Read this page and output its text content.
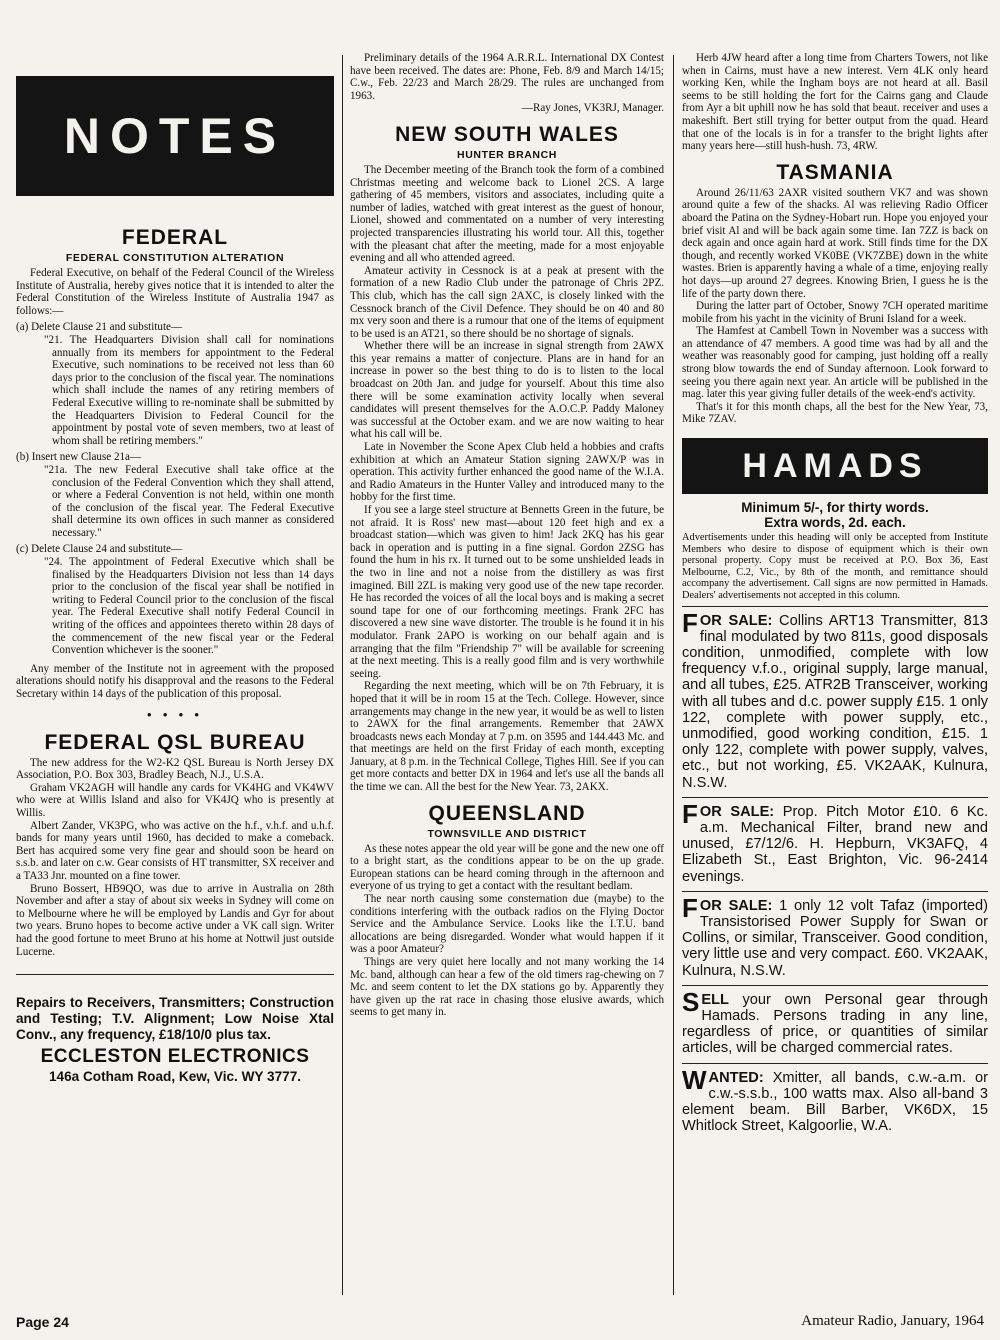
NOTES
FEDERAL
FEDERAL CONSTITUTION ALTERATION

Federal Executive, on behalf of the Federal Council of the Wireless Institute of Australia, hereby gives notice that it is intended to alter the Federal Constitution of the Wireless Institute of Australia 1947 as follows:—

(a) Delete Clause 21 and substitute—

"21. The Headquarters Division shall call for nominations annually from its members for appointment to the Federal Executive, such nominations to be received not less than 60 days prior to the conclusion of the fiscal year. The nominations which shall include the names of any retiring members of Federal Executive willing to re-nominate shall be submitted by the Headquarters Division to Federal Council for the appointment by postal vote of seven members, two at least of whom shall be retiring members."

(b) Insert new Clause 21a—

"21a. The new Federal Executive shall take office at the conclusion of the Federal Convention which they shall attend, or where a Federal Convention is not held, within one month of the conclusion of the fiscal year. The Federal Executive shall determine its own offices in such manner as considered necessary."

(c) Delete Clause 24 and substitute—

"24. The appointment of Federal Executive which shall be finalised by the Headquarters Division not less than 14 days prior to the conclusion of the fiscal year shall be notified in writing to Federal Council prior to the conclusion of the fiscal year. The Federal Executive shall notify Federal Council in writing of the offices and appointees thereto within 28 days of the commencement of the new fiscal year or the Federal Convention whichever is the sooner."

Any member of the Institute not in agreement with the proposed alterations should notify his disapproval and the reasons to the Federal Secretary within 14 days of the publication of this proposal.

• • • •
FEDERAL QSL BUREAU

The new address for the W2-K2 QSL Bureau is North Jersey DX Association, P.O. Box 303, Bradley Beach, N.J., U.S.A.

Graham VK2AGH will handle any cards for VK4HG and VK4WV who were at Willis Island and also for VK4JQ who is presently at Willis.

Albert Zander, VK3PG, who was active on the h.f., v.h.f. and u.h.f. bands for many years until 1960, has decided to make a comeback. Bert has acquired some very fine gear and should soon be heard on s.s.b. and later on c.w. Gear consists of HT transmitter, SX receiver and a TA33 Jnr. mounted on a fine tower.

Bruno Bossert, HB9QO, was due to arrive in Australia on 28th November and after a stay of about six weeks in Sydney will come on to Melbourne where he will be employed by Landis and Gyr for about two years. Bruno hopes to become active under a VK call sign. Writer had the good fortune to meet Bruno at his home at Nottwil just outside Lucerne.

Repairs to Receivers, Transmitters; Construction and Testing; T.V. Alignment; Low Noise Xtal Conv., any frequency, £18/10/0 plus tax.
ECCLESTON ELECTRONICS
146a Cotham Road, Kew, Vic. WY 3777.

Preliminary details of the 1964 A.R.R.L. International DX Contest have been received. The dates are: Phone, Feb. 8/9 and March 14/15; C.w., Feb. 22/23 and March 28/29. The rules are unchanged from 1963.

—Ray Jones, VK3RJ, Manager.

NEW SOUTH WALES
HUNTER BRANCH

The December meeting of the Branch took the form of a combined Christmas meeting and welcome back to Lionel 2CS. A large gathering of 45 members, visitors and associates, including quite a number of ladies, watched with great interest as the guest of honour, Lionel, showed and commentated on a number of very interesting projected transparencies illustrating his world tour. All this, together with the pleasant chat after the meeting, made for a most enjoyable evening and all who attended agreed.

Amateur activity in Cessnock is at a peak at present with the formation of a new Radio Club under the patronage of Chris 2PZ. This club, which has the call sign 2AXC, is closely linked with the Cessnock branch of the Civil Defence. They should be on 40 and 80 mx very soon and there is a rumour that one of the items of equipment to be used is an AT21, so there should be no shortage of signals.

Whether there will be an increase in signal strength from 2AWX this year remains a matter of conjecture. Plans are in hand for an increase in power so the best thing to do is to listen to the local broadcast on 20th Jan. and judge for yourself. About this time also there will be some examination activity locally when several candidates will present themselves for the A.O.C.P. Paddy Maloney was successful at the October exam. and we are now waiting to hear what his call will be.

Late in November the Scone Apex Club held a hobbies and crafts exhibition at which an Amateur Station signing 2AWX/P was in operation. This activity further enhanced the good name of the W.I.A. and Radio Amateurs in the Hunter Valley and introduced many to the hobby for the first time.

If you see a large steel structure at Bennetts Green in the future, be not afraid. It is Ross' new mast—about 120 feet high and ex a broadcast station—which was given to him! Jack 2KQ has his gear back in operation and is putting in a fine signal. Gordon 2ZSG has found the hum in his rx. It turned out to be some unshielded leads in the two in line and not a noise from the distillery as was first imagined. Bill 2ZL is making very good use of the new tape recorder. He has recorded the voices of all the local boys and is making a secret sound tape for one of our forthcoming meetings. Frank 2FC has discovered a new sine wave distorter. The trouble is he found it in his modulator. Frank 2APO is working on our behalf again and is arranging that the film "Friendship 7" will be available for screening at the next meeting. This is a really good film and is very worthwhile seeing.

Regarding the next meeting, which will be on 7th February, it is hoped that it will be in room 15 at the Tech. College. However, since arrangements may change in the new year, it would be as well to listen to 2AWX for the final arrangements. Remember that 2AWX broadcasts news each Monday at 7 p.m. on 3595 and 144.443 Mc. and that meetings are held on the first Friday of each month, excepting January, at 8 p.m. in the Technical College, Tighes Hill. See if you can get more contacts and better DX in 1964 and let's use all the bands all the time we can. All the best for the New Year. 73, 2AKX.

QUEENSLAND
TOWNSVILLE AND DISTRICT

As these notes appear the old year will be gone and the new one off to a bright start, as the conditions appear to be on the up grade. European stations can be heard coming through in the afternoon and everyone of us trying to get a contact with the resultant bedlam.

The near north causing some consternation due (maybe) to the conditions interfering with the outback radios on the Flying Doctor Service and the Ambulance Service. Looks like the I.T.U. band allocations are being disregarded. Wonder what would happen if it was a poor Amateur?

Things are very quiet here locally and not many working the 14 Mc. band, although can hear a few of the old timers rag-chewing on 7 Mc. and seem content to let the DX stations go by. Apparently they have given up the rat race in chasing those elusive awards, which seems to get many in.

Herb 4JW heard after a long time from Charters Towers, not like when in Cairns, must have a new interest. Vern 4LK only heard working Ken, while the Ingham boys are not heard at all. Basil seems to be still holding the fort for the Cairns gang and Claude from Ayr a bit uphill now he has sold that beaut. receiver and uses a makeshift. Bert still trying for better output from the quad. Heard that one of the locals is in for a transfer to the bright lights after many years here—still hush-hush. 73, 4RW.

TASMANIA

Around 26/11/63 2AXR visited southern VK7 and was shown around quite a few of the shacks. Al was relieving Radio Officer aboard the Patina on the Sydney-Hobart run. Hope you enjoyed your brief visit Al and will be back again some time. Ian 7ZZ is back on deck again and once again hard at work. Still finds time for the DX though, and recently worked VK0BE (VK7ZBE) down in the white wastes. Brien is apparently having a whale of a time, enjoying really hot days—up around 27 degrees. Knowing Brien, I guess he is the life of the party down there.

During the latter part of October, Snowy 7CH operated maritime mobile from his yacht in the vicinity of Bruni Island for a week.

The Hamfest at Cambell Town in November was a success with an attendance of 47 members. A good time was had by all and the weather was reasonably good for camping, just holding off a really strong blow towards the end of Sunday afternoon. Look forward to seeing you there again next year. An article will be published in the mag. later this year giving fuller details of the week-end's activity.

That's it for this month chaps, all the best for the New Year, 73, Mike 7ZAV.

HAMADS
Minimum 5/-, for thirty words.
Extra words, 2d. each.
Advertisements under this heading will only be accepted from Institute Members who desire to dispose of equipment which is their own personal property. Copy must be received at P.O. Box 36, East Melbourne, C.2, Vic., by 8th of the month, and remittance should accompany the advertisement. Call signs are now permitted in Hamads. Dealers' advertisements not accepted in this column.
FOR SALE: Collins ART13 Transmitter, 813 final modulated by two 811s, good disposals condition, unmodified, complete with low frequency v.f.o., original supply, large manual, and all tubes, £25. ATR2B Transceiver, working with all tubes and d.c. power supply £15. 1 only 122, complete with power supply, etc., unmodified, good working condition, £15. 1 only 122, complete with power supply, valves, etc., but not working, £5. VK2AAK, Kulnura, N.S.W.
FOR SALE: Prop. Pitch Motor £10. 6 Kc. a.m. Mechanical Filter, brand new and unused, £7/12/6. H. Hepburn, VK3AFQ, 4 Elizabeth St., East Brighton, Vic. 96-2414 evenings.
FOR SALE: 1 only 12 volt Tafaz (imported) Transistorised Power Supply for Swan or Collins, or similar, Transceiver. Good condition, very little use and very compact. £60. VK2AAK, Kulnura, N.S.W.
SELL your own Personal gear through Hamads. Persons trading in any line, regardless of price, or quantities of similar articles, will be charged commercial rates.
WANTED: Xmitter, all bands, c.w.-a.m. or c.w.-s.s.b., 100 watts max. Also all-band 3 element beam. Bill Barber, VK6DX, 15 Whitlock Street, Kalgoorlie, W.A.
Page 24	Amateur Radio, January, 1964
